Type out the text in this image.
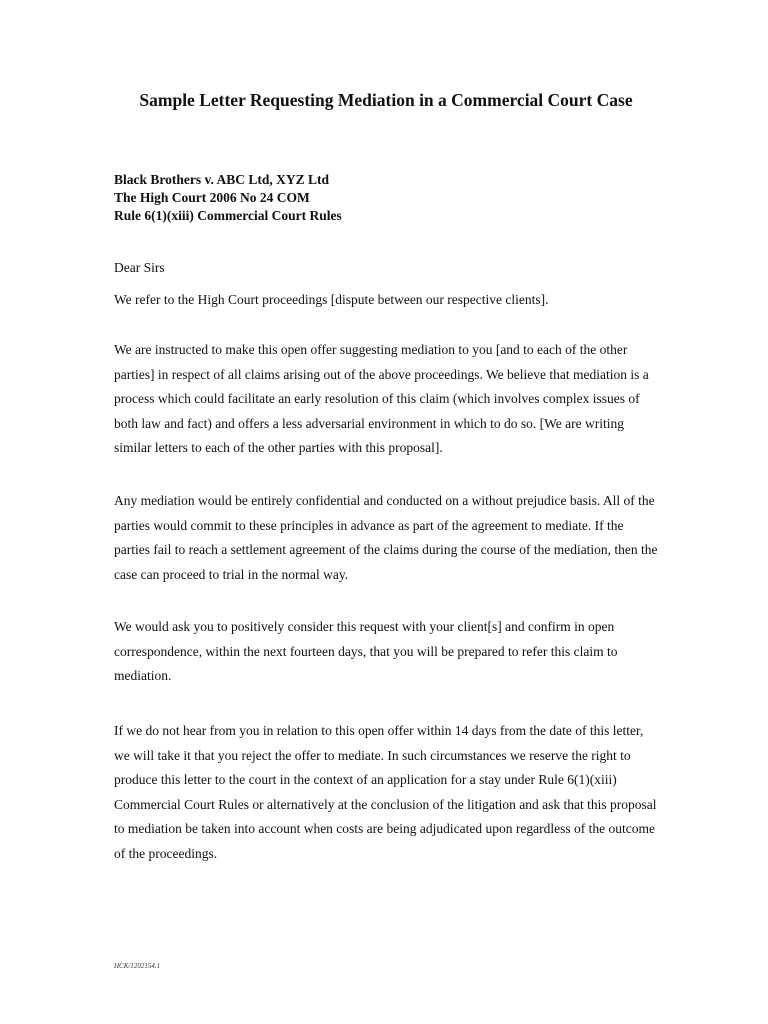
Sample Letter Requesting Mediation in a Commercial Court Case
Black Brothers v. ABC Ltd, XYZ Ltd
The High Court 2006 No 24 COM
Rule 6(1)(xiii) Commercial Court Rules

Dear Sirs

We refer to the High Court proceedings [dispute between our respective clients].

We are instructed to make this open offer suggesting mediation to you [and to each of the other parties] in respect of all claims arising out of the above proceedings. We believe that mediation is a process which could facilitate an early resolution of this claim (which involves complex issues of both law and fact) and offers a less adversarial environment in which to do so. [We are writing similar letters to each of the other parties with this proposal].

Any mediation would be entirely confidential and conducted on a without prejudice basis. All of the parties would commit to these principles in advance as part of the agreement to mediate. If the parties fail to reach a settlement agreement of the claims during the course of the mediation, then the case can proceed to trial in the normal way.

We would ask you to positively consider this request with your client[s] and confirm in open correspondence, within the next fourteen days, that you will be prepared to refer this claim to mediation.

If we do not hear from you in relation to this open offer within 14 days from the date of this letter, we will take it that you reject the offer to mediate. In such circumstances we reserve the right to produce this letter to the court in the context of an application for a stay under Rule 6(1)(xiii) Commercial Court Rules or alternatively at the conclusion of the litigation and ask that this proposal to mediation be taken into account when costs are being adjudicated upon regardless of the outcome of the proceedings.

HCK/1202154.1
